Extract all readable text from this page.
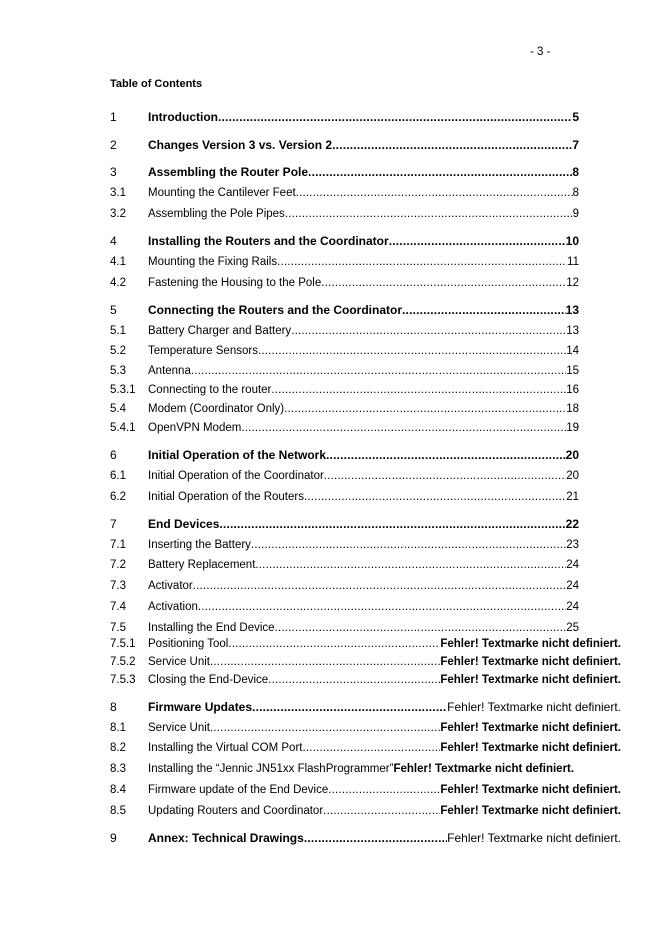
- 3 -
Table of Contents
1	Introduction .....	5
2	Changes Version 3 vs. Version 2 .....	7
3	Assembling the Router Pole .....	8
3.1	Mounting the Cantilever Feet .....	8
3.2	Assembling the Pole Pipes .....	9
4	Installing the Routers and the Coordinator .....	10
4.1	Mounting the Fixing Rails .....	11
4.2	Fastening the Housing to the Pole .....	12
5	Connecting the Routers and the Coordinator .....	13
5.1	Battery Charger and Battery .....	13
5.2	Temperature Sensors .....	14
5.3	Antenna .....	15
5.3.1	Connecting to the router .....	16
5.4	Modem (Coordinator Only) .....	18
5.4.1	OpenVPN Modem .....	19
6	Initial Operation of the Network .....	20
6.1	Initial Operation of the Coordinator .....	20
6.2	Initial Operation of the Routers .....	21
7	End Devices .....	22
7.1	Inserting the Battery .....	23
7.2	Battery Replacement .....	24
7.3	Activator .....	24
7.4	Activation .....	24
7.5	Installing the End Device .....	25
7.5.1	Positioning Tool .....	Fehler! Textmarke nicht definiert.
7.5.2	Service Unit .....	Fehler! Textmarke nicht definiert.
7.5.3	Closing the End-Device .....	Fehler! Textmarke nicht definiert.
8	Firmware Updates .....	Fehler! Textmarke nicht definiert.
8.1	Service Unit .....	Fehler! Textmarke nicht definiert.
8.2	Installing the Virtual COM Port .....	Fehler! Textmarke nicht definiert.
8.3	Installing the “Jennic JN51xx FlashProgrammer” Fehler! Textmarke nicht definiert.
8.4	Firmware update of the End Device .....	Fehler! Textmarke nicht definiert.
8.5	Updating Routers and Coordinator .....	Fehler! Textmarke nicht definiert.
9	Annex: Technical Drawings .....	Fehler! Textmarke nicht definiert.
